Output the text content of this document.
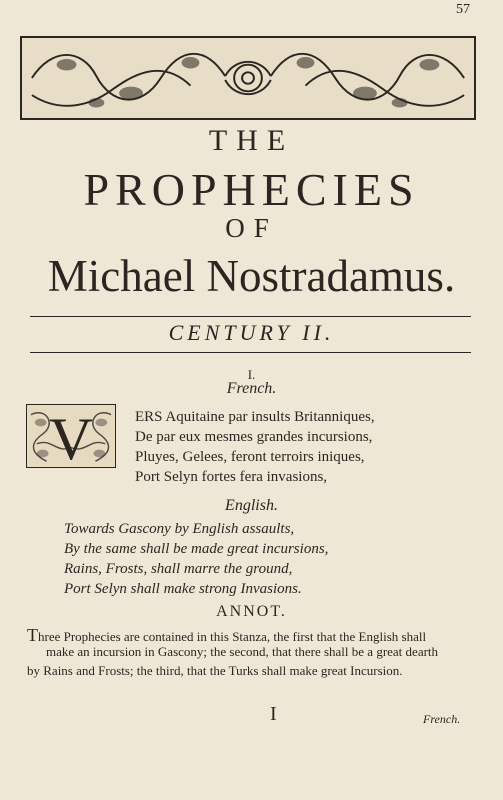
57
THE
PROPHECIES
OF
Michael Nostradamus.
CENTURY II.
I.
French.
V	ERS Aquitaine par insults Britanniques,
De par eux mesmes grandes incursions,
Pluyes, Gelees, feront terroirs iniques,
Port Selyn fortes fera invasions,
English.
Towards Gascony by English assaults,
By the same shall be made great incursions,
Rains, Frosts, shall marre the ground,
Port Selyn shall make strong Invasions.
ANNOT.
Three Prophecies are contained in this Stanza, the first that the English shall
make an incursion in Gascony; the second, that there shall be a great dearth
by Rains and Frosts; the third, that the Turks shall make great Incursion.
I	French.
